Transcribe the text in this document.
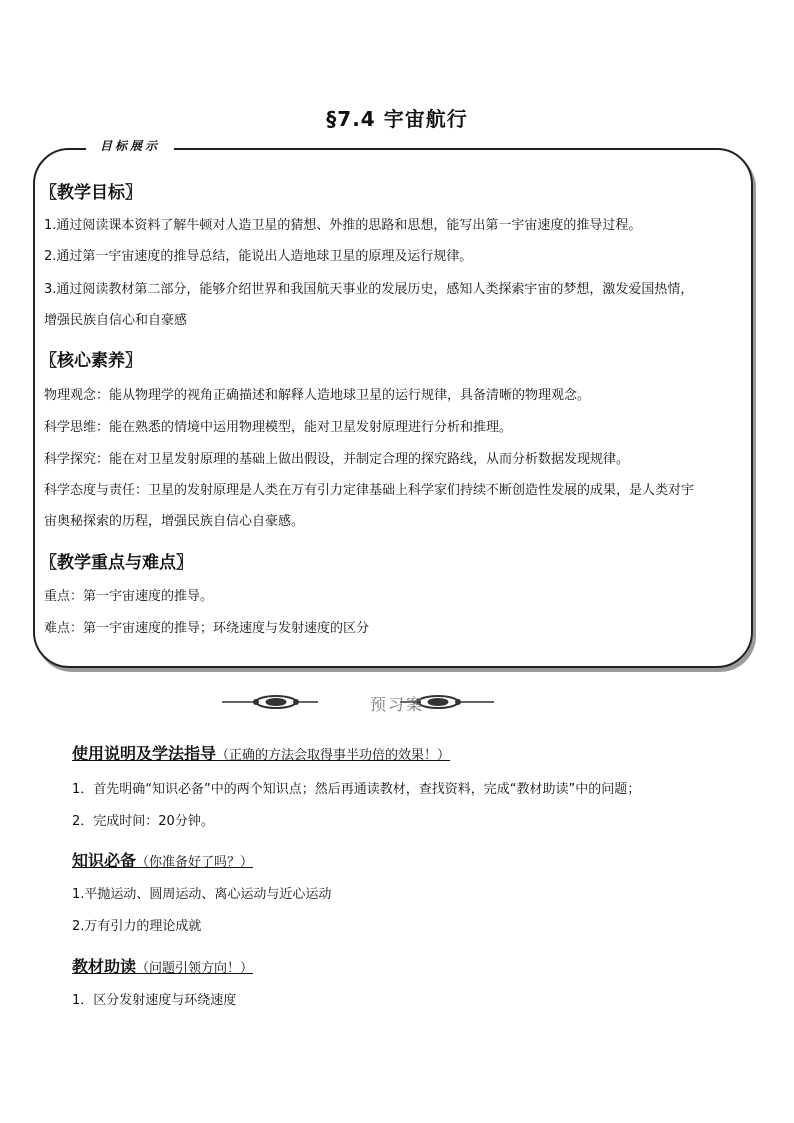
§7.4 宇宙航行
目标展示
〖教学目标〗
1.通过阅读课本资料了解牛顿对人造卫星的猜想、外推的思路和思想，能写出第一宇宙速度的推导过程。
2.通过第一宇宙速度的推导总结，能说出人造地球卫星的原理及运行规律。
3.通过阅读教材第二部分，能够介绍世界和我国航天事业的发展历史，感知人类探索宇宙的梦想，激发爱国热情，
增强民族自信心和自豪感
〖核心素养〗
物理观念：能从物理学的视角正确描述和解释人造地球卫星的运行规律，具备清晰的物理观念。
科学思维：能在熟悉的情境中运用物理模型，能对卫星发射原理进行分析和推理。
科学探究：能在对卫星发射原理的基础上做出假设，并制定合理的探究路线，从而分析数据发现规律。
科学态度与责任：卫星的发射原理是人类在万有引力定律基础上科学家们持续不断创造性发展的成果，是人类对宇
宙奥秘探索的历程，增强民族自信心自豪感。
〖教学重点与难点〗
重点：第一宇宙速度的推导。
难点：第一宇宙速度的推导；环绕速度与发射速度的区分
预习案
使用说明及学法指导（正确的方法会取得事半功倍的效果！）
1．首先明确“知识必备”中的两个知识点；然后再通读教材，查找资料，完成“教材助读”中的问题；
2．完成时间：20分钟。
知识必备（你准备好了吗？）
1.平抛运动、圆周运动、离心运动与近心运动
2.万有引力的理论成就
教材助读（问题引领方向！）
1．区分发射速度与环绕速度
